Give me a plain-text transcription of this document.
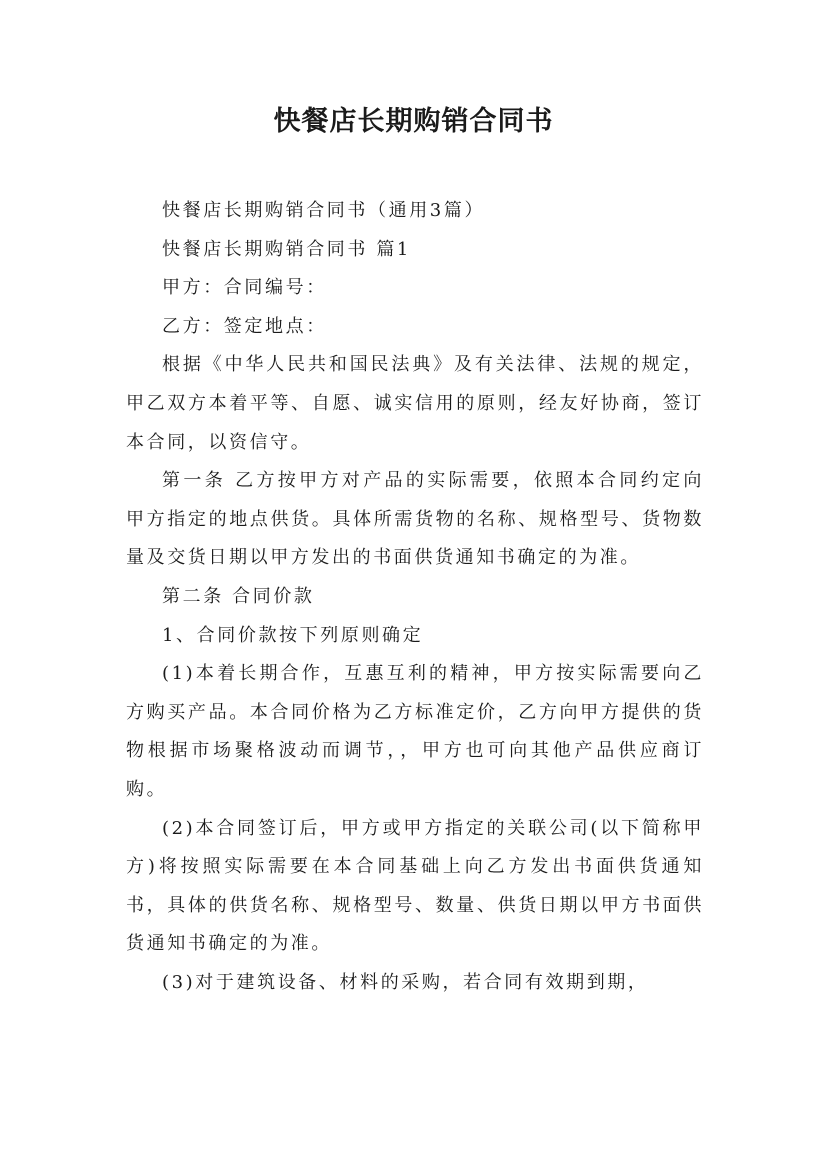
快餐店长期购销合同书

快餐店长期购销合同书（通用3篇）

快餐店长期购销合同书 篇1

甲方：合同编号：

乙方：签定地点：

根据《中华人民共和国民法典》及有关法律、法规的规定，甲乙双方本着平等、自愿、诚实信用的原则，经友好协商，签订本合同，以资信守。

第一条 乙方按甲方对产品的实际需要，依照本合同约定向甲方指定的地点供货。具体所需货物的名称、规格型号、货物数量及交货日期以甲方发出的书面供货通知书确定的为准。

第二条 合同价款

1、合同价款按下列原则确定

(1)本着长期合作，互惠互利的精神，甲方按实际需要向乙方购买产品。本合同价格为乙方标准定价，乙方向甲方提供的货物根据市场聚格波动而调节，，甲方也可向其他产品供应商订购。

(2)本合同签订后，甲方或甲方指定的关联公司(以下简称甲方)将按照实际需要在本合同基础上向乙方发出书面供货通知书，具体的供货名称、规格型号、数量、供货日期以甲方书面供货通知书确定的为准。

(3)对于建筑设备、材料的采购，若合同有效期到期，
